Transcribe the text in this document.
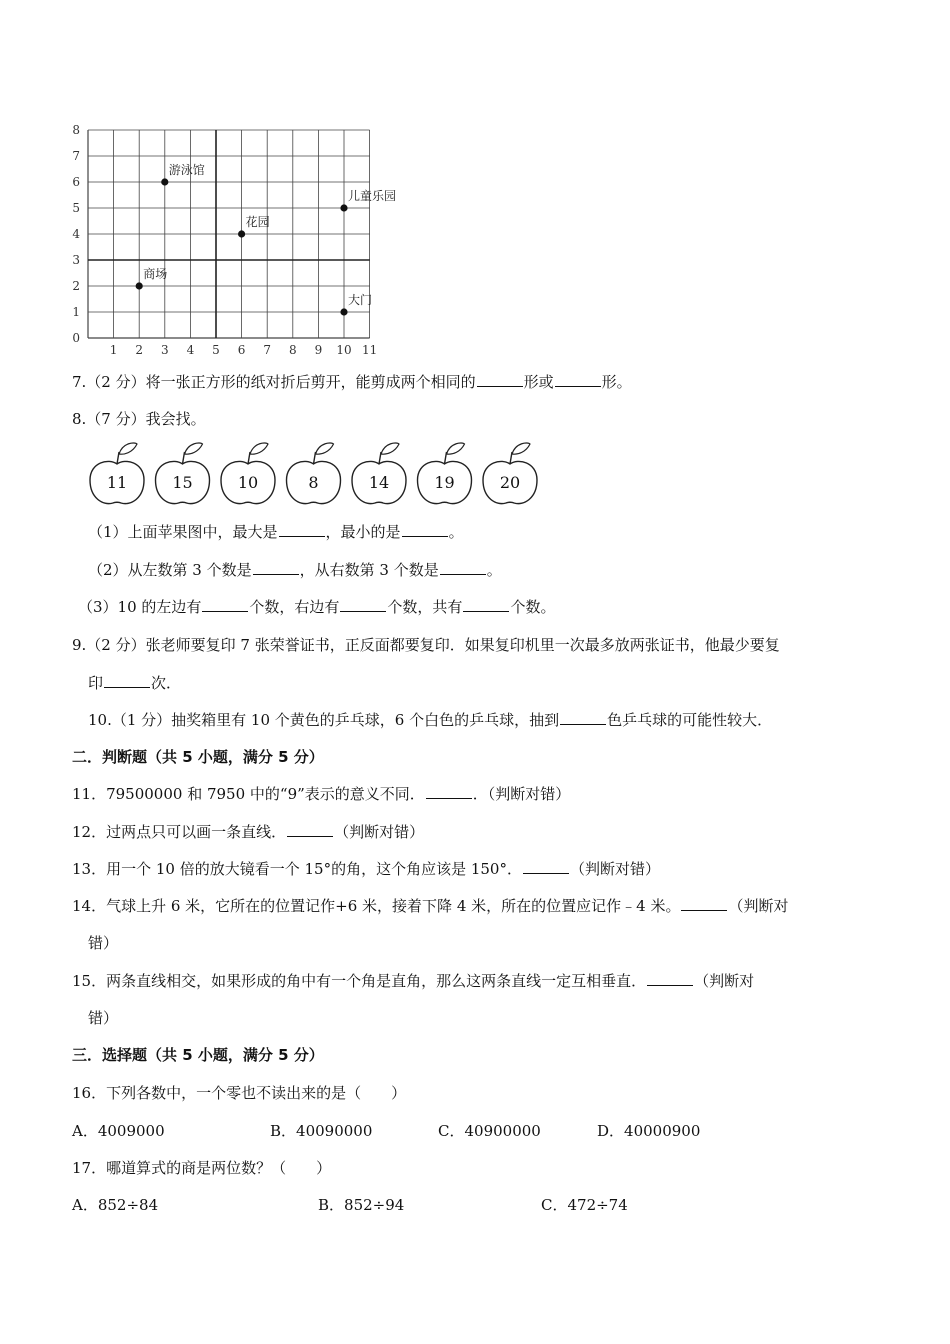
0
1
2
3
4
5
6
7
8
1 2 3 4 5 6 7 8 9 10 11
游泳馆
儿童乐园
花园
商场
大门
7.（2 分）将一张正方形的纸对折后剪开，能剪成两个相同的	形或	形。
8.（7 分）我会找。
11	15	10	8	14	19	20
（1）上面苹果图中，最大是	，最小的是	。
（2）从左数第 3 个数是	，从右数第 3 个数是	。
（3）10 的左边有	个数，右边有	个数，共有	个数。
9.（2 分）张老师要复印 7 张荣誉证书，正反面都要复印．如果复印机里一次最多放两张证书，他最少要复
印	次．
10.（1 分）抽奖箱里有 10 个黄色的乒乓球，6 个白色的乒乓球，抽到	色乒乓球的可能性较大．
二．判断题（共 5 小题，满分 5 分）
11．79500000 和 7950 中的“9”表示的意义不同．	．（判断对错）
12．过两点只可以画一条直线．	（判断对错）
13．用一个 10 倍的放大镜看一个 15°的角，这个角应该是 150°．	（判断对错）
14．气球上升 6 米，它所在的位置记作+6 米，接着下降 4 米，所在的位置应记作﹣4 米。	（判断对
错）
15．两条直线相交，如果形成的角中有一个角是直角，那么这两条直线一定互相垂直．	（判断对
错）
三．选择题（共 5 小题，满分 5 分）
16．下列各数中，一个零也不读出来的是（　　）
A．4009000	B．40090000	C．40900000	D．40000900
17．哪道算式的商是两位数？（　　）
A．852÷84	B．852÷94	C．472÷74
